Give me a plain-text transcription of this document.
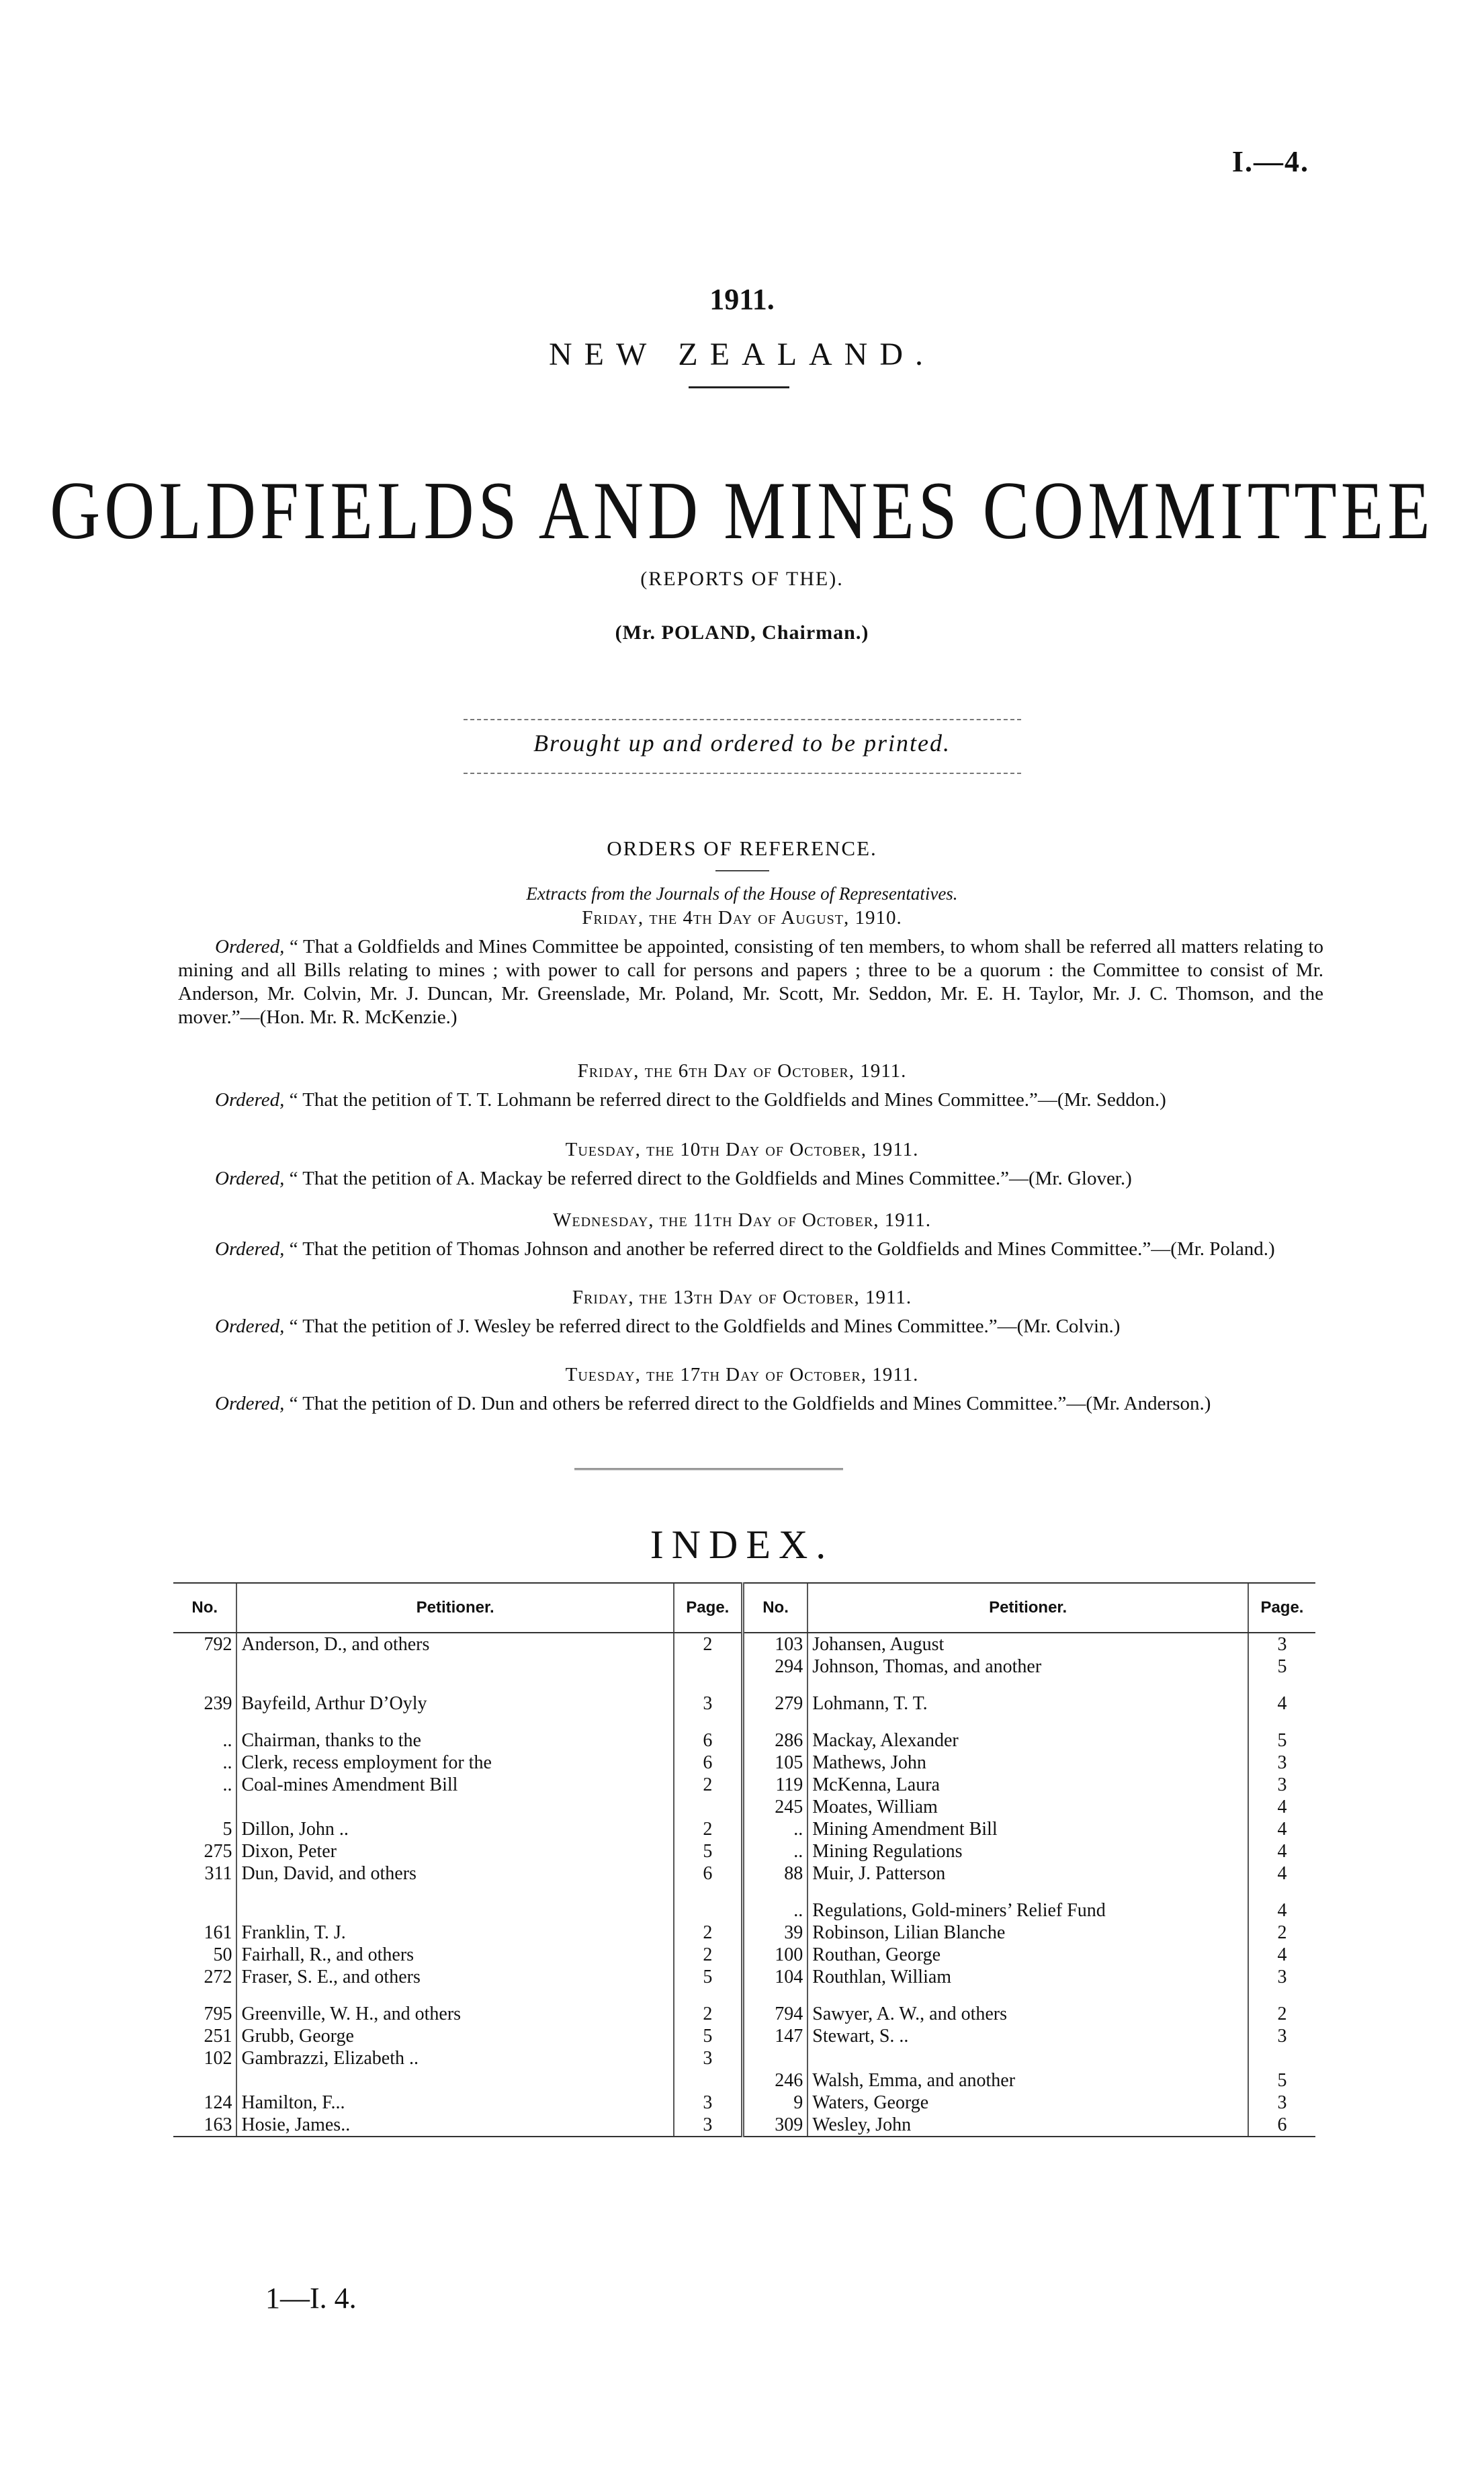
I.—4.
1911.
NEW ZEALAND.
GOLDFIELDS AND MINES COMMITTEE
(REPORTS OF THE).
(Mr. POLAND, Chairman.)
Brought up and ordered to be printed.
ORDERS OF REFERENCE.
Extracts from the Journals of the House of Representatives.
Friday, the 4th Day of August, 1910.
Ordered, “ That a Goldfields and Mines Committee be appointed, consisting of ten members, to whom shall be referred all matters relating to mining and all Bills relating to mines ; with power to call for persons and papers ; three to be a quorum : the Committee to consist of Mr. Anderson, Mr. Colvin, Mr. J. Duncan, Mr. Greenslade, Mr. Poland, Mr. Scott, Mr. Seddon, Mr. E. H. Taylor, Mr. J. C. Thomson, and the mover.”—(Hon. Mr. R. McKenzie.)
Friday, the 6th Day of October, 1911.
Ordered, “ That the petition of T. T. Lohmann be referred direct to the Goldfields and Mines Committee.”—(Mr. Seddon.)
Tuesday, the 10th Day of October, 1911.
Ordered, “ That the petition of A. Mackay be referred direct to the Goldfields and Mines Committee.”—(Mr. Glover.)
Wednesday, the 11th Day of October, 1911.
Ordered, “ That the petition of Thomas Johnson and another be referred direct to the Goldfields and Mines Committee.”—(Mr. Poland.)
Friday, the 13th Day of October, 1911.
Ordered, “ That the petition of J. Wesley be referred direct to the Goldfields and Mines Committee.”—(Mr. Colvin.)
Tuesday, the 17th Day of October, 1911.
Ordered, “ That the petition of D. Dun and others be referred direct to the Goldfields and Mines Committee.”—(Mr. Anderson.)
INDEX.
No.	Petitioner.	Page.	No.	Petitioner.	Page.
792	Anderson, D., and others	2	103	Johansen, August	3
			294	Johnson, Thomas, and another	5

239	Bayfeild, Arthur D’Oyly	3	279	Lohmann, T. T.	4

..	Chairman, thanks to the	6	286	Mackay, Alexander	5
..	Clerk, recess employment for the	6	105	Mathews, John	3
..	Coal-mines Amendment Bill	2	119	McKenna, Laura	3
			245	Moates, William	4
5	Dillon, John ..	2	..	Mining Amendment Bill	4
275	Dixon, Peter	5	..	Mining Regulations	4
311	Dun, David, and others	6	88	Muir, J. Patterson	4

			..	Regulations, Gold-miners’ Relief Fund	4
161	Franklin, T. J.	2	39	Robinson, Lilian Blanche	2
50	Fairhall, R., and others	2	100	Routhan, George	4
272	Fraser, S. E., and others	5	104	Routhlan, William	3

795	Greenville, W. H., and others	2	794	Sawyer, A. W., and others	2
251	Grubb, George	5	147	Stewart, S. ..	3
102	Gambrazzi, Elizabeth ..	3			
			246	Walsh, Emma, and another	5
124	Hamilton, F...	3	9	Waters, George	3
163	Hosie, James..	3	309	Wesley, John	6
1—I. 4.
